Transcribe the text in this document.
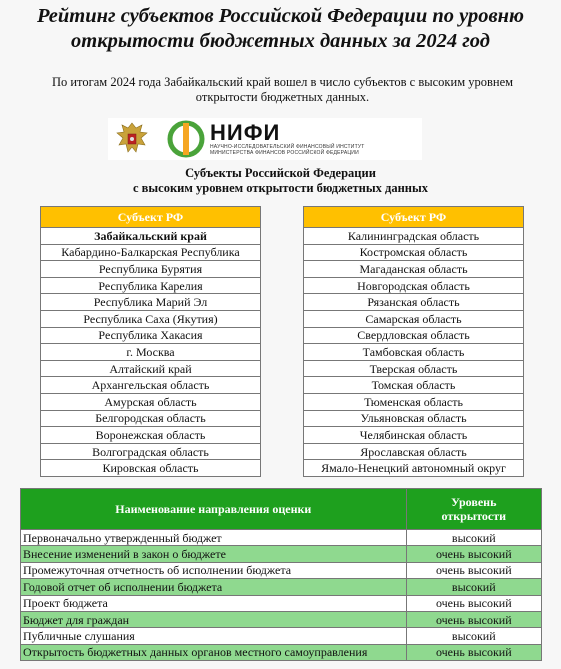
Рейтинг субъектов Российской Федерации по уровню
открытости бюджетных данных за 2024 год
По итогам 2024 года Забайкальский край вошел в число субъектов с высоким уровнем
открытости бюджетных данных.
НИФИ
НАУЧНО-ИССЛЕДОВАТЕЛЬСКИЙ ФИНАНСОВЫЙ ИНСТИТУТ
МИНИСТЕРСТВА ФИНАНСОВ РОССИЙСКОЙ ФЕДЕРАЦИИ
Субъекты Российской Федерации
с высоким уровнем открытости бюджетных данных
Субъект РФ
Забайкальский край
Кабардино-Балкарская Республика
Республика Бурятия
Республика Карелия
Республика Марий Эл
Республика Саха (Якутия)
Республика Хакасия
г. Москва
Алтайский край
Архангельская область
Амурская область
Белгородская область
Воронежская область
Волгоградская область
Кировская область
Субъект РФ
Калининградская область
Костромская область
Магаданская область
Новгородская область
Рязанская область
Самарская область
Свердловская область
Тамбовская область
Тверская область
Томская область
Тюменская область
Ульяновская область
Челябинская область
Ярославская область
Ямало-Ненецкий автономный округ
Наименование направления оценки	Уровень
открытости

Первоначально утвержденный бюджет	высокий
Внесение изменений в закон о бюджете	очень высокий
Промежуточная отчетность об исполнении бюджета	очень высокий
Годовой отчет об исполнении бюджета	высокий
Проект бюджета	очень высокий
Бюджет для граждан	очень высокий
Публичные слушания	высокий
Открытость бюджетных данных органов местного самоуправления	очень высокий
